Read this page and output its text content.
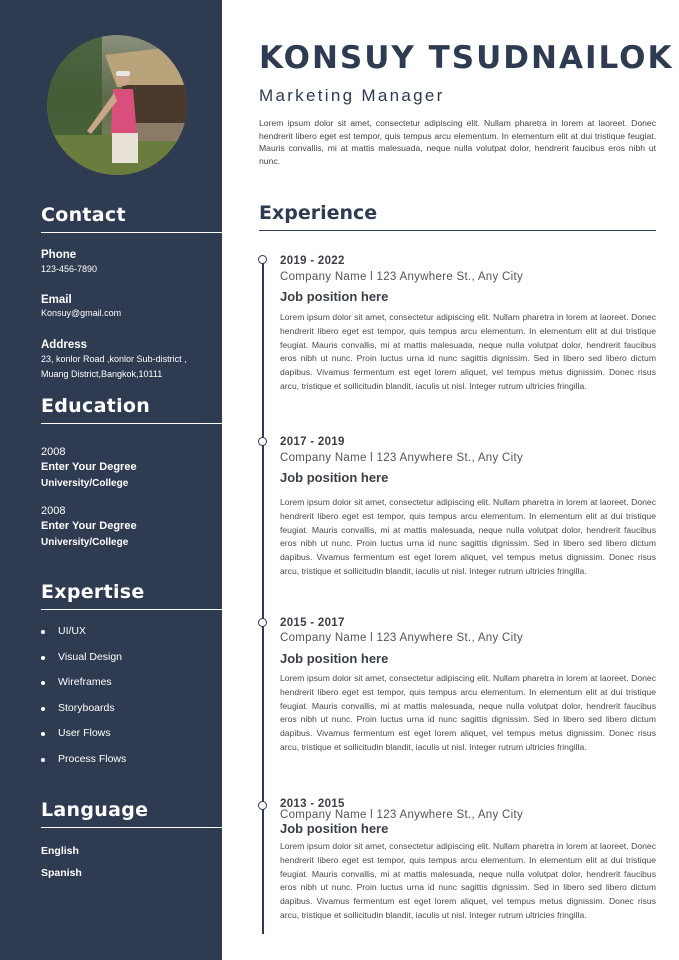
Contact
Phone
123-456-7890
Email
Konsuy@gmail.com
Address
23, konlor Road ,konlor Sub-district ,
Muang District,Bangkok,10111
Education
2008
Enter Your Degree
University/College
2008
Enter Your Degree
University/College
Expertise
UI/UX
Visual Design
Wireframes
Storyboards
User Flows
Process Flows
Language
English
Spanish
KONSUY TSUDNAILOK
Marketing Manager

Lorem ipsum dolor sit amet, consectetur adipiscing elit. Nullam pharetra in lorem at laoreet. Donec hendrerit libero eget est tempor, quis tempus arcu elementum. In elementum elit at dui tristique feugiat. Mauris convallis, mi at mattis malesuada, neque nulla volutpat dolor, hendrerit faucibus eros nibh ut nunc.

Experience
2019 - 2022
Company Name l 123 Anywhere St., Any City
Job position here

Lorem ipsum dolor sit amet, consectetur adipiscing elit. Nullam pharetra in lorem at laoreet. Donec hendrerit libero eget est tempor, quis tempus arcu elementum. In elementum elit at dui tristique feugiat. Mauris convallis, mi at mattis malesuada, neque nulla volutpat dolor, hendrerit faucibus eros nibh ut nunc. Proin luctus urna id nunc sagittis dignissim. Sed in libero sed libero dictum dapibus. Vivamus fermentum est eget lorem aliquet, vel tempus metus dignissim. Donec risus arcu, tristique et sollicitudin blandit, iaculis ut nisl. Integer rutrum ultricies fringilla.

2017 - 2019
Company Name l 123 Anywhere St., Any City
Job position here

Lorem ipsum dolor sit amet, consectetur adipiscing elit. Nullam pharetra in lorem at laoreet. Donec hendrerit libero eget est tempor, quis tempus arcu elementum. In elementum elit at dui tristique feugiat. Mauris convallis, mi at mattis malesuada, neque nulla volutpat dolor, hendrerit faucibus eros nibh ut nunc. Proin luctus urna id nunc sagittis dignissim. Sed in libero sed libero dictum dapibus. Vivamus fermentum est eget lorem aliquet, vel tempus metus dignissim. Donec risus arcu, tristique et sollicitudin blandit, iaculis ut nisl. Integer rutrum ultricies fringilla.

2015 - 2017
Company Name l 123 Anywhere St., Any City
Job position here

Lorem ipsum dolor sit amet, consectetur adipiscing elit. Nullam pharetra in lorem at laoreet. Donec hendrerit libero eget est tempor, quis tempus arcu elementum. In elementum elit at dui tristique feugiat. Mauris convallis, mi at mattis malesuada, neque nulla volutpat dolor, hendrerit faucibus eros nibh ut nunc. Proin luctus urna id nunc sagittis dignissim. Sed in libero sed libero dictum dapibus. Vivamus fermentum est eget lorem aliquet, vel tempus metus dignissim. Donec risus arcu, tristique et sollicitudin blandit, iaculis ut nisl. Integer rutrum ultricies fringilla.

2013 - 2015
Company Name l 123 Anywhere St., Any City
Job position here

Lorem ipsum dolor sit amet, consectetur adipiscing elit. Nullam pharetra in lorem at laoreet. Donec hendrerit libero eget est tempor, quis tempus arcu elementum. In elementum elit at dui tristique feugiat. Mauris convallis, mi at mattis malesuada, neque nulla volutpat dolor, hendrerit faucibus eros nibh ut nunc. Proin luctus urna id nunc sagittis dignissim. Sed in libero sed libero dictum dapibus. Vivamus fermentum est eget lorem aliquet, vel tempus metus dignissim. Donec risus arcu, tristique et sollicitudin blandit, iaculis ut nisl. Integer rutrum ultricies fringilla.
